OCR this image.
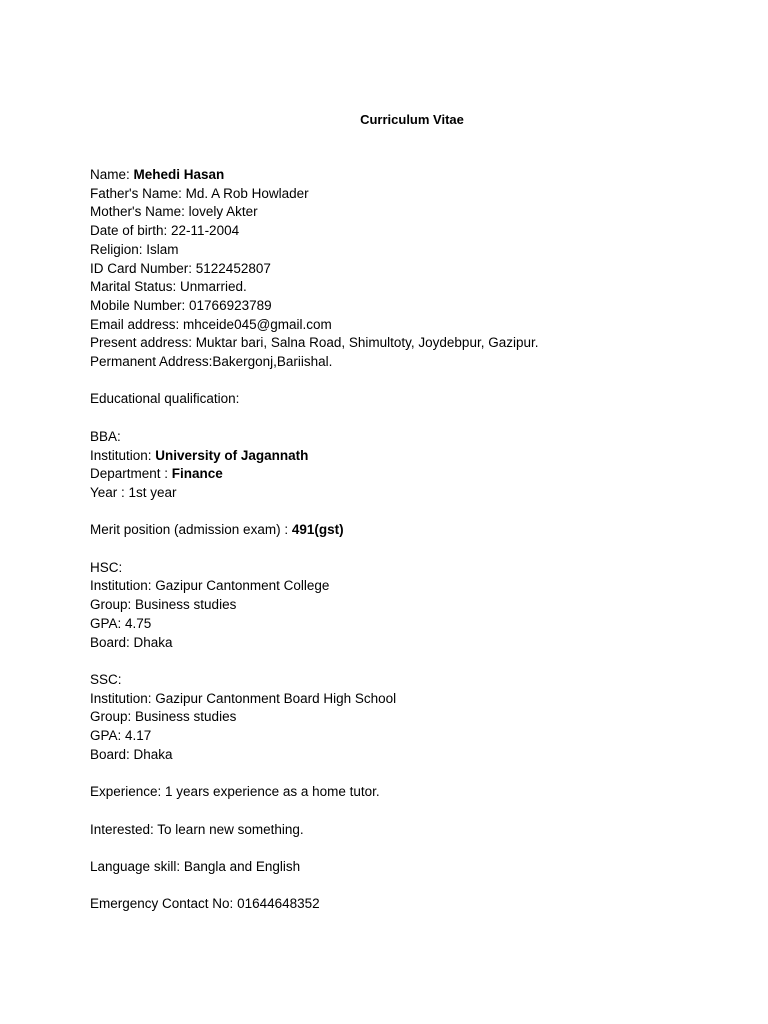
Curriculum Vitae
Name: Mehedi Hasan
Father's Name: Md. A Rob Howlader
Mother's Name: lovely Akter
Date of birth: 22-11-2004
Religion: Islam
ID Card Number: 5122452807
Marital Status: Unmarried.
Mobile Number: 01766923789
Email address: mhceide045@gmail.com
Present address: Muktar bari, Salna Road, Shimultoty, Joydebpur, Gazipur.
Permanent Address:Bakergonj,Bariishal.
Educational qualification:
BBA:
Institution: University of Jagannath
Department : Finance
Year : 1st year
Merit position (admission exam) : 491(gst)
HSC:
Institution: Gazipur Cantonment College
Group: Business studies
GPA: 4.75
Board: Dhaka
SSC:
Institution: Gazipur Cantonment Board High School
Group: Business studies
GPA: 4.17
Board: Dhaka
Experience: 1 years experience as a home tutor.
Interested: To learn new something.
Language skill: Bangla and English
Emergency Contact No: 01644648352
